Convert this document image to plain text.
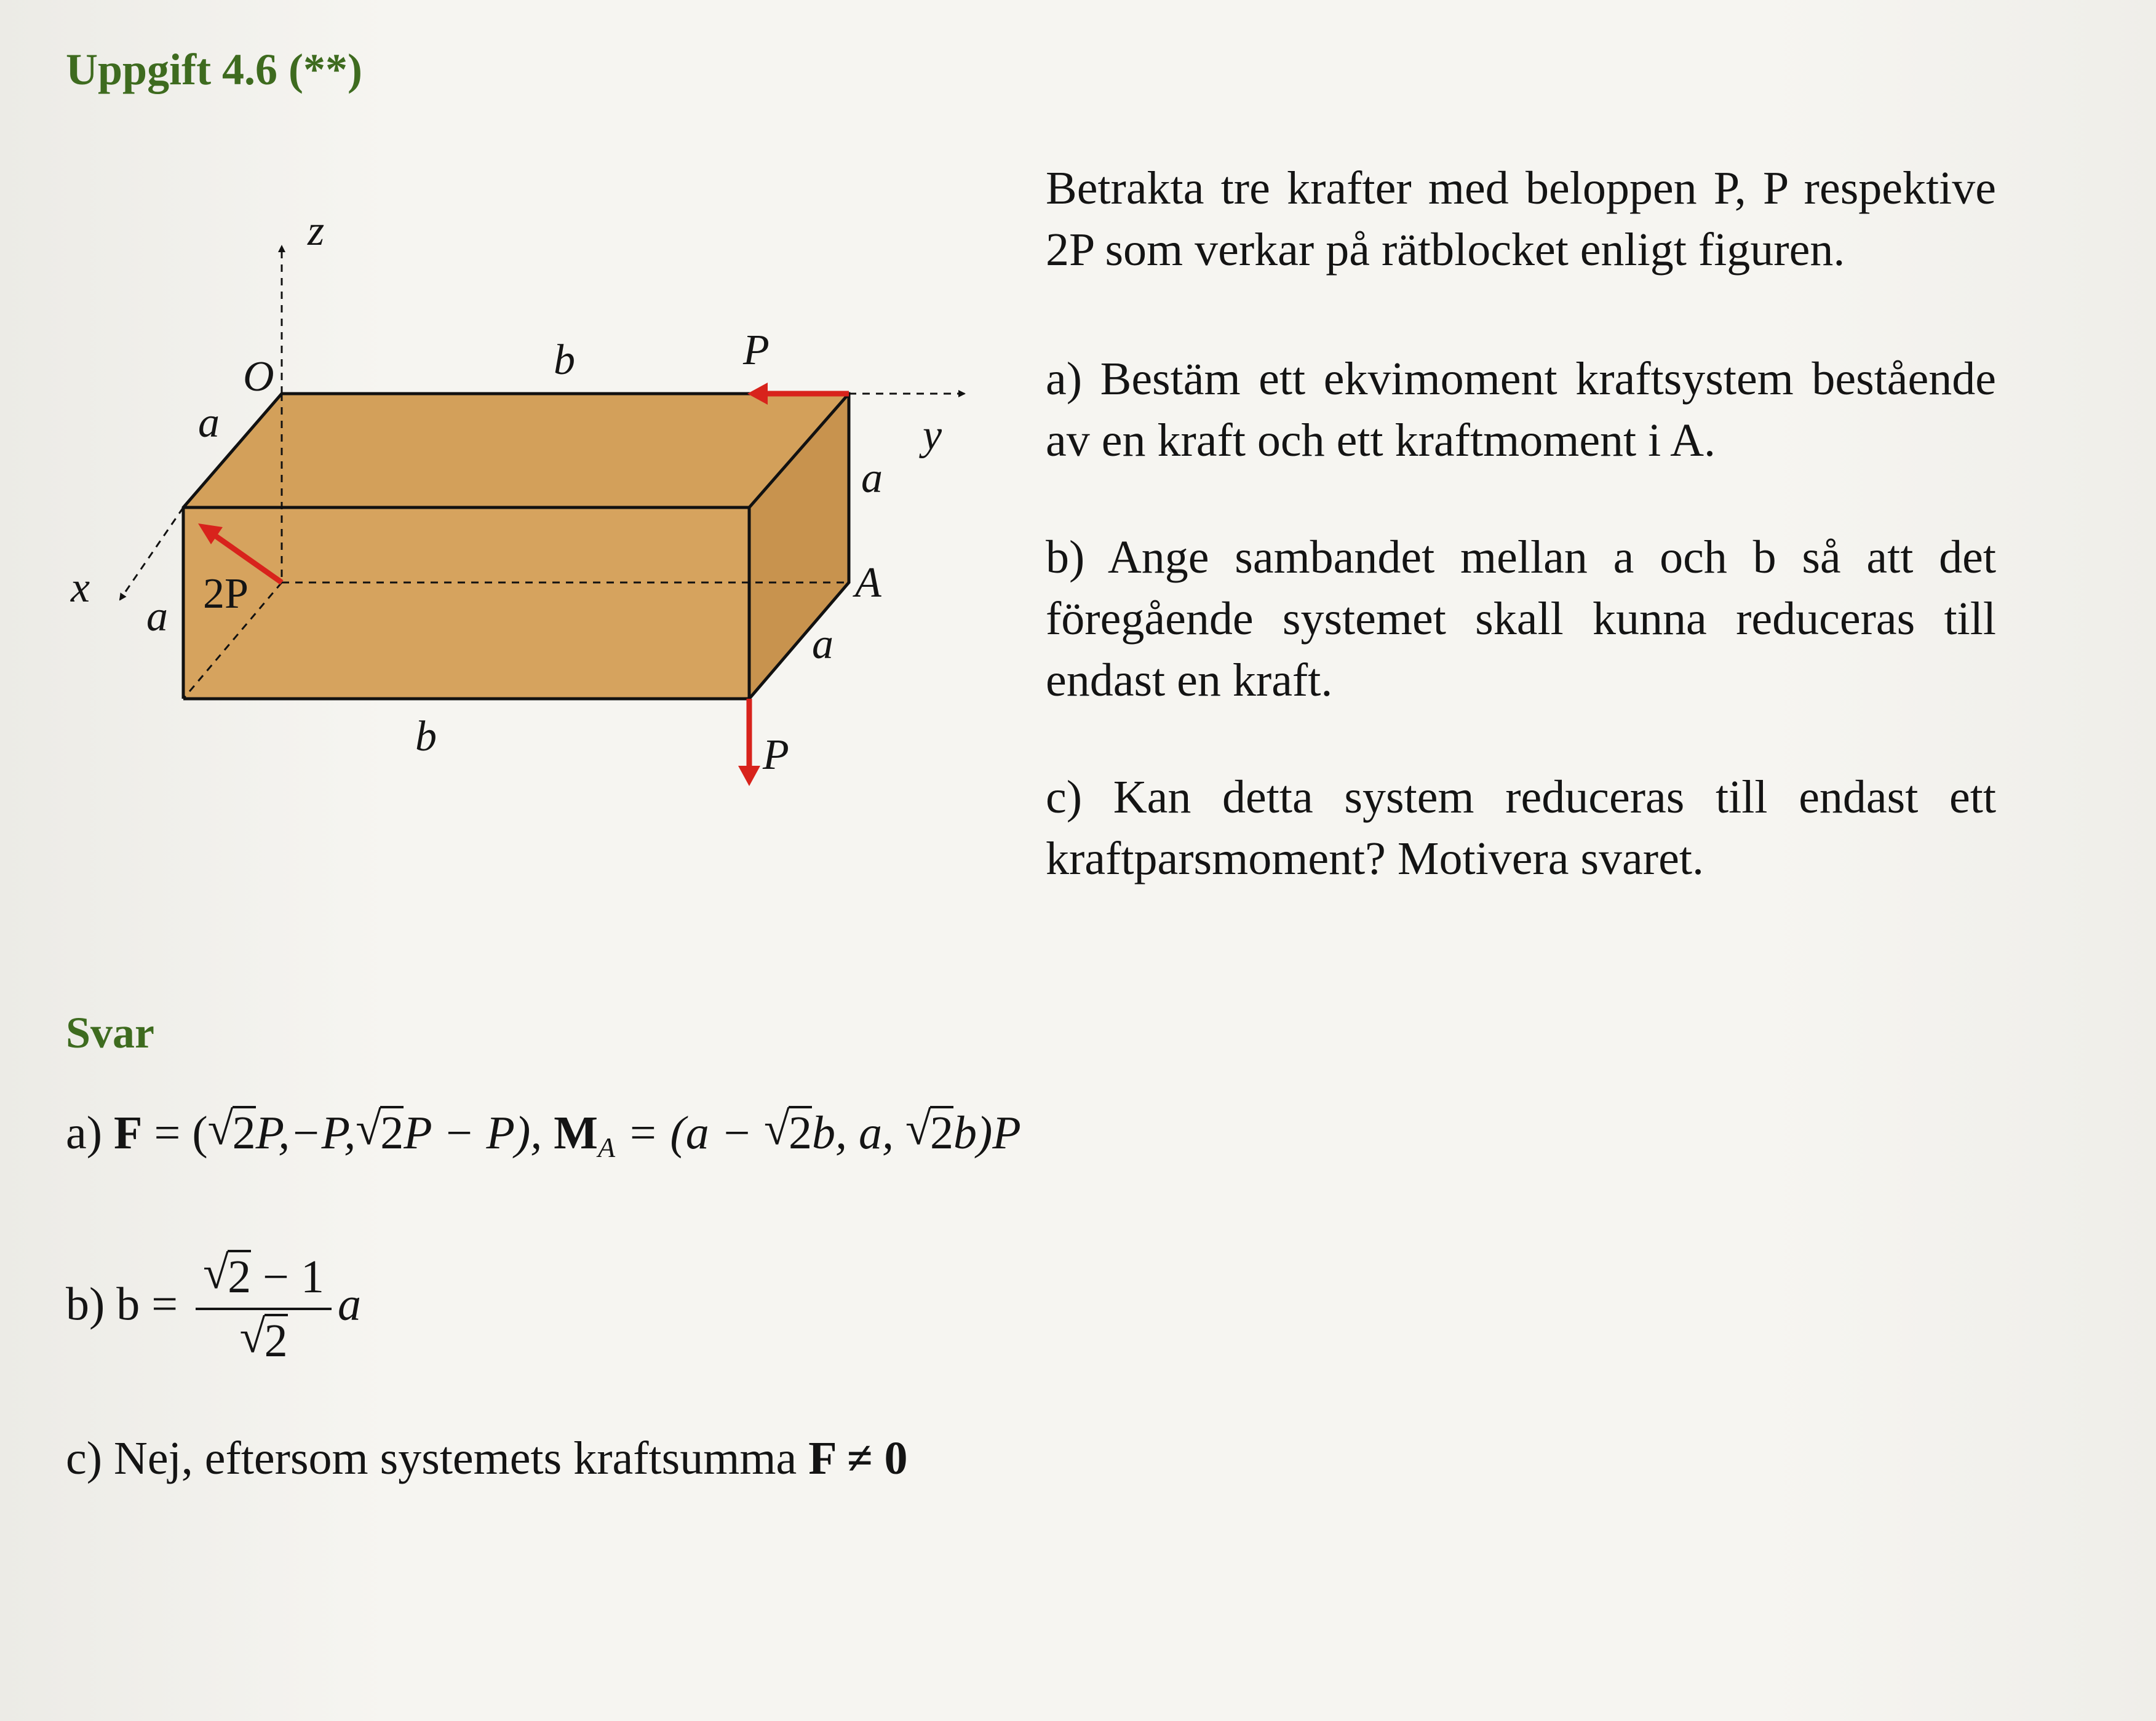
Uppgift 4.6 (**)
z
y
x
O
A
b
b
a
a
a
a
P
P
2P

Betrakta tre krafter med beloppen P, P respektive 2P som verkar på rätblocket enligt figuren.

a) Bestäm ett ekvimoment kraftsystem bestående av en kraft och ett kraftmoment i A.

b) Ange sambandet mellan a och b så att det föregående systemet skall kunna reduceras till endast en kraft.

c) Kan detta system reduceras till endast ett kraftparsmoment? Motivera svaret.

Svar
a) F = ( √ 2P,−P, √ 2P − P), $M_A = (a$ − √ 2b, a, √ 2b)P
b) b = √ 2 − 1
√ 2 a
c) Nej, eftersom systemets kraftsumma F ≠ 0
